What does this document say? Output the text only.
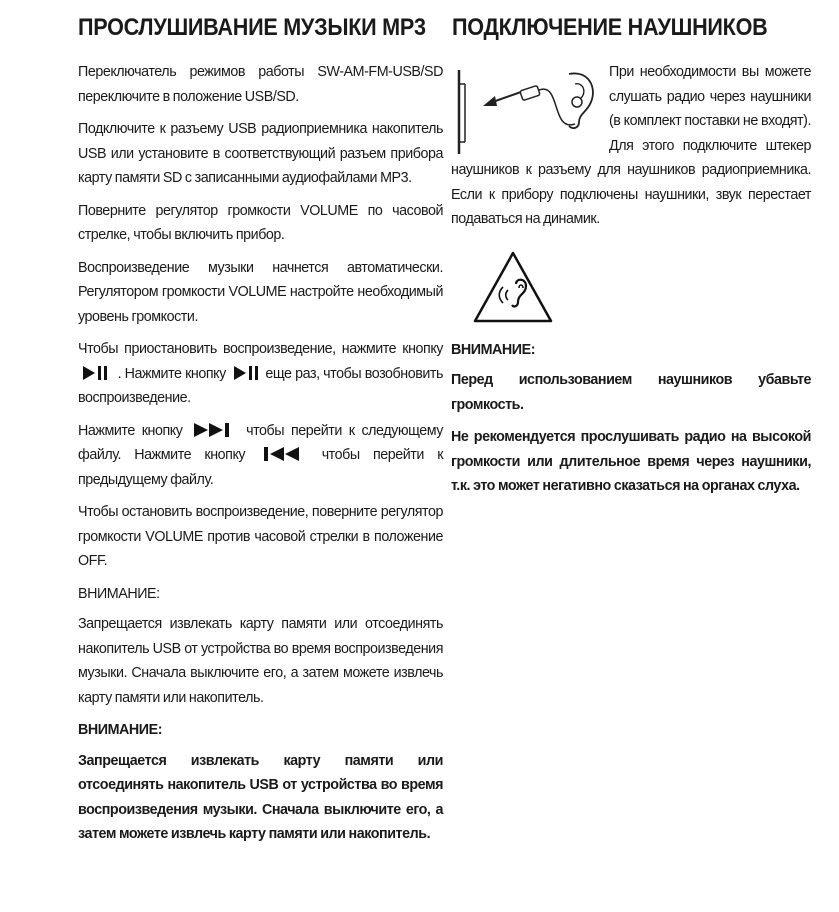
ПРОСЛУШИВАНИЕ МУЗЫКИ МР3 ПОДКЛЮЧЕНИЕ НАУШНИКОВ

Переключатель режимов работы SW-AM-FM-USB/SD переключите в положение USB/SD.

Подключите к разъему USB радиоприемника накопитель USB или установите в соответствующий разъем прибора карту памяти SD с записанными аудиофайлами MP3.

Поверните регулятор громкости VOLUME по часовой стрелке, чтобы включить прибор.

Воспроизведение музыки начнется автоматически. Регулятором громкости VOLUME настройте необходимый уровень громкости.

Чтобы приостановить воспроизведение, нажмите кнопку  . Нажмите кнопку	еще раз, чтобы возобновить воспроизведение.

Нажмите кнопку	чтобы перейти к следующему файлу. Нажмите кнопку	чтобы перейти к предыдущему файлу.

Чтобы остановить воспроизведение, поверните регулятор громкости VOLUME против часовой стрелки в положение OFF.

ВНИМАНИЕ:

Запрещается извлекать карту памяти или отсоединять накопитель USB от устройства во время воспроизведения музыки. Сначала выключите его, а затем можете извлечь карту памяти или накопитель.

ВНИМАНИЕ:

Запрещается извлекать карту памяти или отсоединять накопитель USB от устройства во время воспроизведения музыки. Сначала выключите его, а затем можете извлечь карту памяти или накопитель.

При необходимости вы можете слушать радио через наушники (в комплект поставки не входят). Для этого подключите штекер наушников к разъему для наушников радиоприемника. Если к прибору подключены наушники, звук перестает подаваться на динамик.

ВНИМАНИЕ:

Перед использованием наушников убавьте громкость.

Не рекомендуется прослушивать радио на высокой громкости или длительное время через наушники, т.к. это может негативно сказаться на органах слуха.
